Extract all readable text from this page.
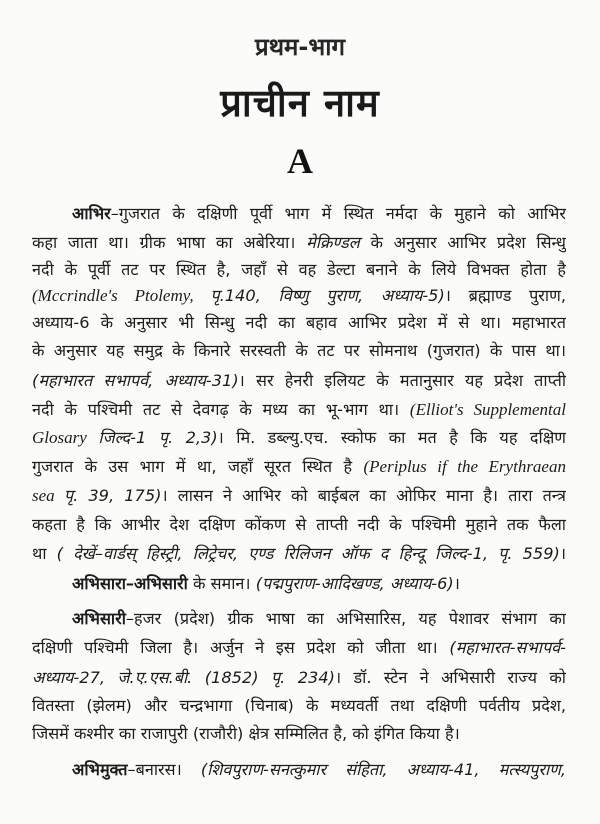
प्रथम-भाग
प्राचीन नाम
A
आभिर–गुजरात के दक्षिणी पूर्वी भाग में स्थित नर्मदा के मुहाने को आभिर
कहा जाता था। ग्रीक भाषा का अबेरिया। मेक्रिण्डल के अनुसार आभिर प्रदेश सिन्धु
नदी के पूर्वी तट पर स्थित है, जहाँ से वह डेल्टा बनाने के लिये विभक्त होता है
(Mccrindle's Ptolemy, पृ.140, विष्णु पुराण, अध्याय-5)। ब्रह्माण्ड पुराण,
अध्याय-6 के अनुसार भी सिन्धु नदी का बहाव आभिर प्रदेश में से था। महाभारत
के अनुसार यह समुद्र के किनारे सरस्वती के तट पर सोमनाथ (गुजरात) के पास था।
(महाभारत सभापर्व, अध्याय-31)। सर हेनरी इलियट के मतानुसार यह प्रदेश ताप्ती
नदी के पश्चिमी तट से देवगढ़ के मध्य का भू-भाग था। (Elliot's Supplemental
Glosary जिल्द-1 पृ. 2,3)। मि. डब्ल्यु.एच. स्कोफ का मत है कि यह दक्षिण
गुजरात के उस भाग में था, जहाँ सूरत स्थित है (Periplus if the Erythraean
sea पृ. 39, 175)। लासन ने आभिर को बाईबल का ओफिर माना है। तारा तन्त्र
कहता है कि आभीर देश दक्षिण कोंकण से ताप्ती नदी के पश्चिमी मुहाने तक फैला
था ( देखें–वार्डस् हिस्ट्री, लिट्रेचर, एण्ड रिलिजन ऑफ द हिन्दू जिल्द-1, पृ. 559)।
अभिसारा–अभिसारी के समान। (पद्मपुराण-आदिखण्ड, अध्याय-6)।
अभिसारी–हजर (प्रदेश) ग्रीक भाषा का अभिसारिस, यह पेशावर संभाग का
दक्षिणी पश्चिमी जिला है। अर्जुन ने इस प्रदेश को जीता था। (महाभारत-सभापर्व-
अध्याय-27, जे.ए.एस.बी. (1852) पृ. 234)। डॉ. स्टेन ने अभिसारी राज्य को
वितस्ता (झेलम) और चन्द्रभागा (चिनाब) के मध्यवर्ती तथा दक्षिणी पर्वतीय प्रदेश,
जिसमें कश्मीर का राजापुरी (राजौरी) क्षेत्र सम्मिलित है, को इंगित किया है।
अभिमुक्त–बनारस। (शिवपुराण-सनत्कुमार संहिता, अध्याय-41, मत्स्यपुराण,
